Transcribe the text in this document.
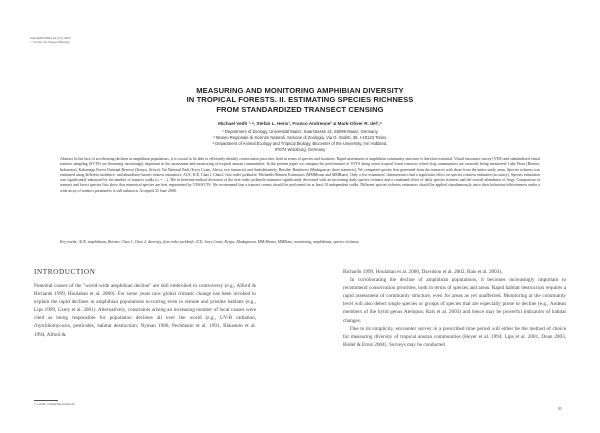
SALAMANDRA 42 (2/3) 2006
© Society for Tropical Biology
MEASURING AND MONITORING AMPHIBIAN DIVERSITY
IN TROPICAL FORESTS. II. ESTIMATING SPECIES RICHNESS
FROM STANDARDIZED TRANSECT CENSING
Michael Veith ¹·⁴, Stefan L. Hens¹, Franco Andreone² & Mark-Oliver R. del³,⁴
¹ Department of Zoology, Universität Mainz, Saarstrasse 21, 55099 Mainz, Germany
² Museo Regionale di Scienze Naturali, Sezione di Zoologia, Via G. Giolitti, 36, I-10123 Torino
³ Department of Animal Ecology and Tropical Biology, Biocenter of the University, Am Hubland,
97074 Würzburg, Germany
Abstract In the face of accelerating declines in amphibian populations, it is crucial to be able to efficiently identify conservation priorities, both in terms of species and locations. Rapid assessment of amphibian community structure is therefore essential. Visual encounter survey (VES) and standardized visual transect sampling (SVTS) are becoming increasingly important in the assessment and monitoring of tropical anuran communities. In the present paper we compare the performance of SVTS along seven tropical forest transects where frog communities are currently being monitored: Lake Bosu (Borneo, Indonesia), Kakamega Forest National Reserve (Kenya, Africa), Tai National Park (Ivory Coast, Africa; two transects) and Ambohitantely, Betsileo Rainforest (Madagascar; three transects). We compared species lists generated from the transects with those from the entire study areas. Species richness was estimated using different incidence- and abundance-based richness estimators: ACE, ICE, Chao1, Chao2, first-order jackknife, Michaelis-Menten Estimators (MMMeans and MMRuns). Only a few estimators' characteristics had a significant effect on species richness estimates (accuracy). Species estimation was significantly enhanced by the number of transect walks (rₛ = ...). The in between-method deviation of the first-order jackknife estimator significantly decreased with an increasing daily species richness and a combined effect of daily species richness and the overall abundance of frogs. Comparison of transect and forest species lists show that numerical species are best represented by VES/SVTS. We recommend that a transect census should be performed on at least 10 independent walks. Different species richness estimators should be applied simultaneously since their behaviour/effectiveness under a wide array of transect parameters is still unknown. Accepted 25 June 2006.
Key words: ACE, amphibians, Borneo, Chao 1, Chao 2, diversity, first-order jackknife, ICE, Ivory Coast, Kenya, Madagascar, MM-Means, MMRuns, monitoring, amphibians, species richness.
INTRODUCTION

Potential causes of the "world-wide amphibian decline" are still embroiled in controversy (e.g., Alford & Richards 1999, Houlahan et al. 2000). For some years now global climatic change has been invoked to explain the rapid declines in amphibian populations occurring even in remote and pristine habitats (e.g., Lips 1999, Carey et al. 2001). Alternatively, constraints arising an increasing number of local causes were cited as being responsible for population declines all over the world (e.g., UV-B radiation, chytridiomycosis, pesticides, habitat destruction; Nyman 1986, Pechmann et al. 1991, Blaustein et al. 1994, Alford &

Richards 1999, Houlahan et al. 2000, Davidson et al. 2002, Rais et al. 2003).

In corroborating the decline of amphibian populations, it becomes increasingly important to recommend conservation priorities, both in terms of species and areas. Rapid habitat destruction requires a rapid assessment of community structure, even for areas as yet unaffected. Monitoring at the community level will also detect single species or groups of species that are especially prone to decline (e.g., Andean members of the hylid genus Atelopus; Rais et al. 2003) and hence may be powerful indicators of habitat changes.

Due to its simplicity, encounter survey in a prescribed time period will either be the method of choice for measuring diversity of tropical anuran communities (Heyer et al. 1994, Lips et al. 2001, Doan 2003, Rödel & Ernst 2004). Surveys may be conducted

* e-mail: veith@uni-mainz.de
85
